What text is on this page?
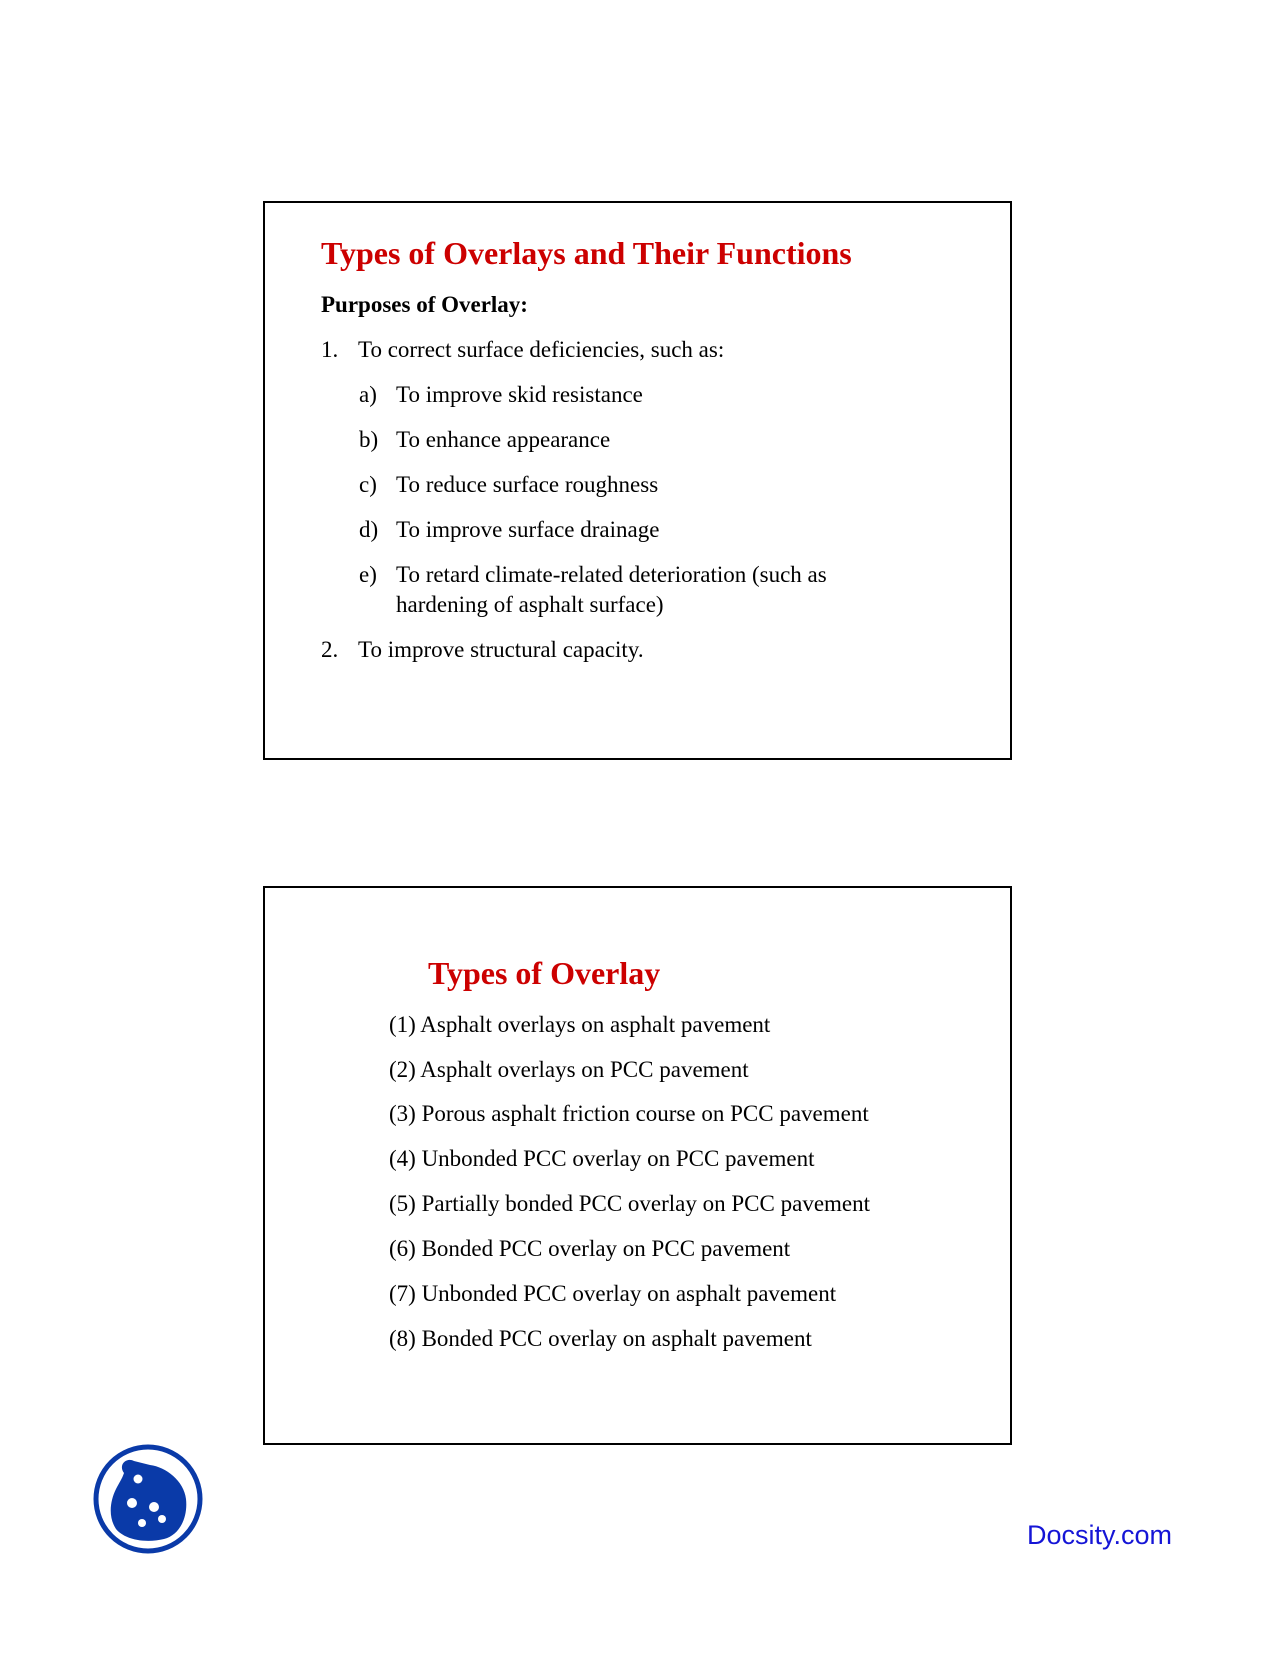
Types of Overlays and Their Functions
Purposes of Overlay:
1. To correct surface deficiencies, such as:
a) To improve skid resistance
b) To enhance appearance
c) To reduce surface roughness
d) To improve surface drainage
e) To retard climate-related deterioration (such as
hardening of asphalt surface)
2. To improve structural capacity.
Types of Overlay
(1) Asphalt overlays on asphalt pavement
(2) Asphalt overlays on PCC pavement
(3) Porous asphalt friction course on PCC pavement
(4) Unbonded PCC overlay on PCC pavement
(5) Partially bonded PCC overlay on PCC pavement
(6) Bonded PCC overlay on PCC pavement
(7) Unbonded PCC overlay on asphalt pavement
(8) Bonded PCC overlay on asphalt pavement
Docsity.com
